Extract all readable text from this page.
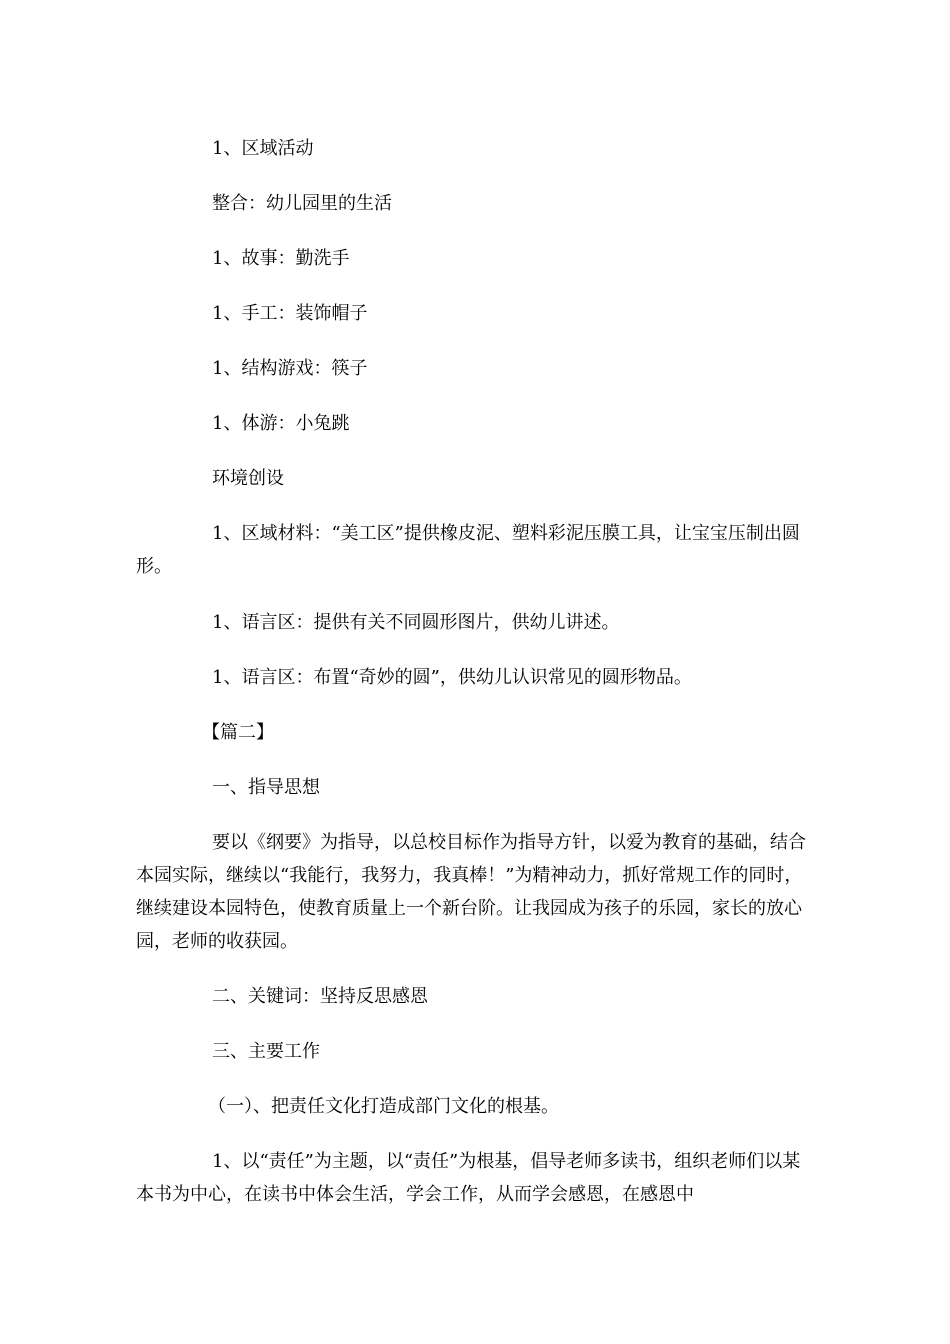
1、区域活动

整合：幼儿园里的生活

1、故事：勤洗手

1、手工：装饰帽子

1、结构游戏：筷子

1、体游：小兔跳

环境创设

1、区域材料：“美工区”提供橡皮泥、塑料彩泥压膜工具，让宝宝压制出圆形。

1、语言区：提供有关不同圆形图片，供幼儿讲述。

1、语言区：布置“奇妙的圆”，供幼儿认识常见的圆形物品。

【篇二】

一、指导思想

要以《纲要》为指导，以总校目标作为指导方针，以爱为教育的基础，结合本园实际，继续以“我能行，我努力，我真棒！”为精神动力，抓好常规工作的同时，继续建设本园特色，使教育质量上一个新台阶。让我园成为孩子的乐园，家长的放心园，老师的收获园。

二、关键词：坚持反思感恩

三、主要工作

（一）、把责任文化打造成部门文化的根基。

1、以“责任”为主题，以“责任”为根基，倡导老师多读书，组织老师们以某本书为中心，在读书中体会生活，学会工作，从而学会感恩，在感恩中
